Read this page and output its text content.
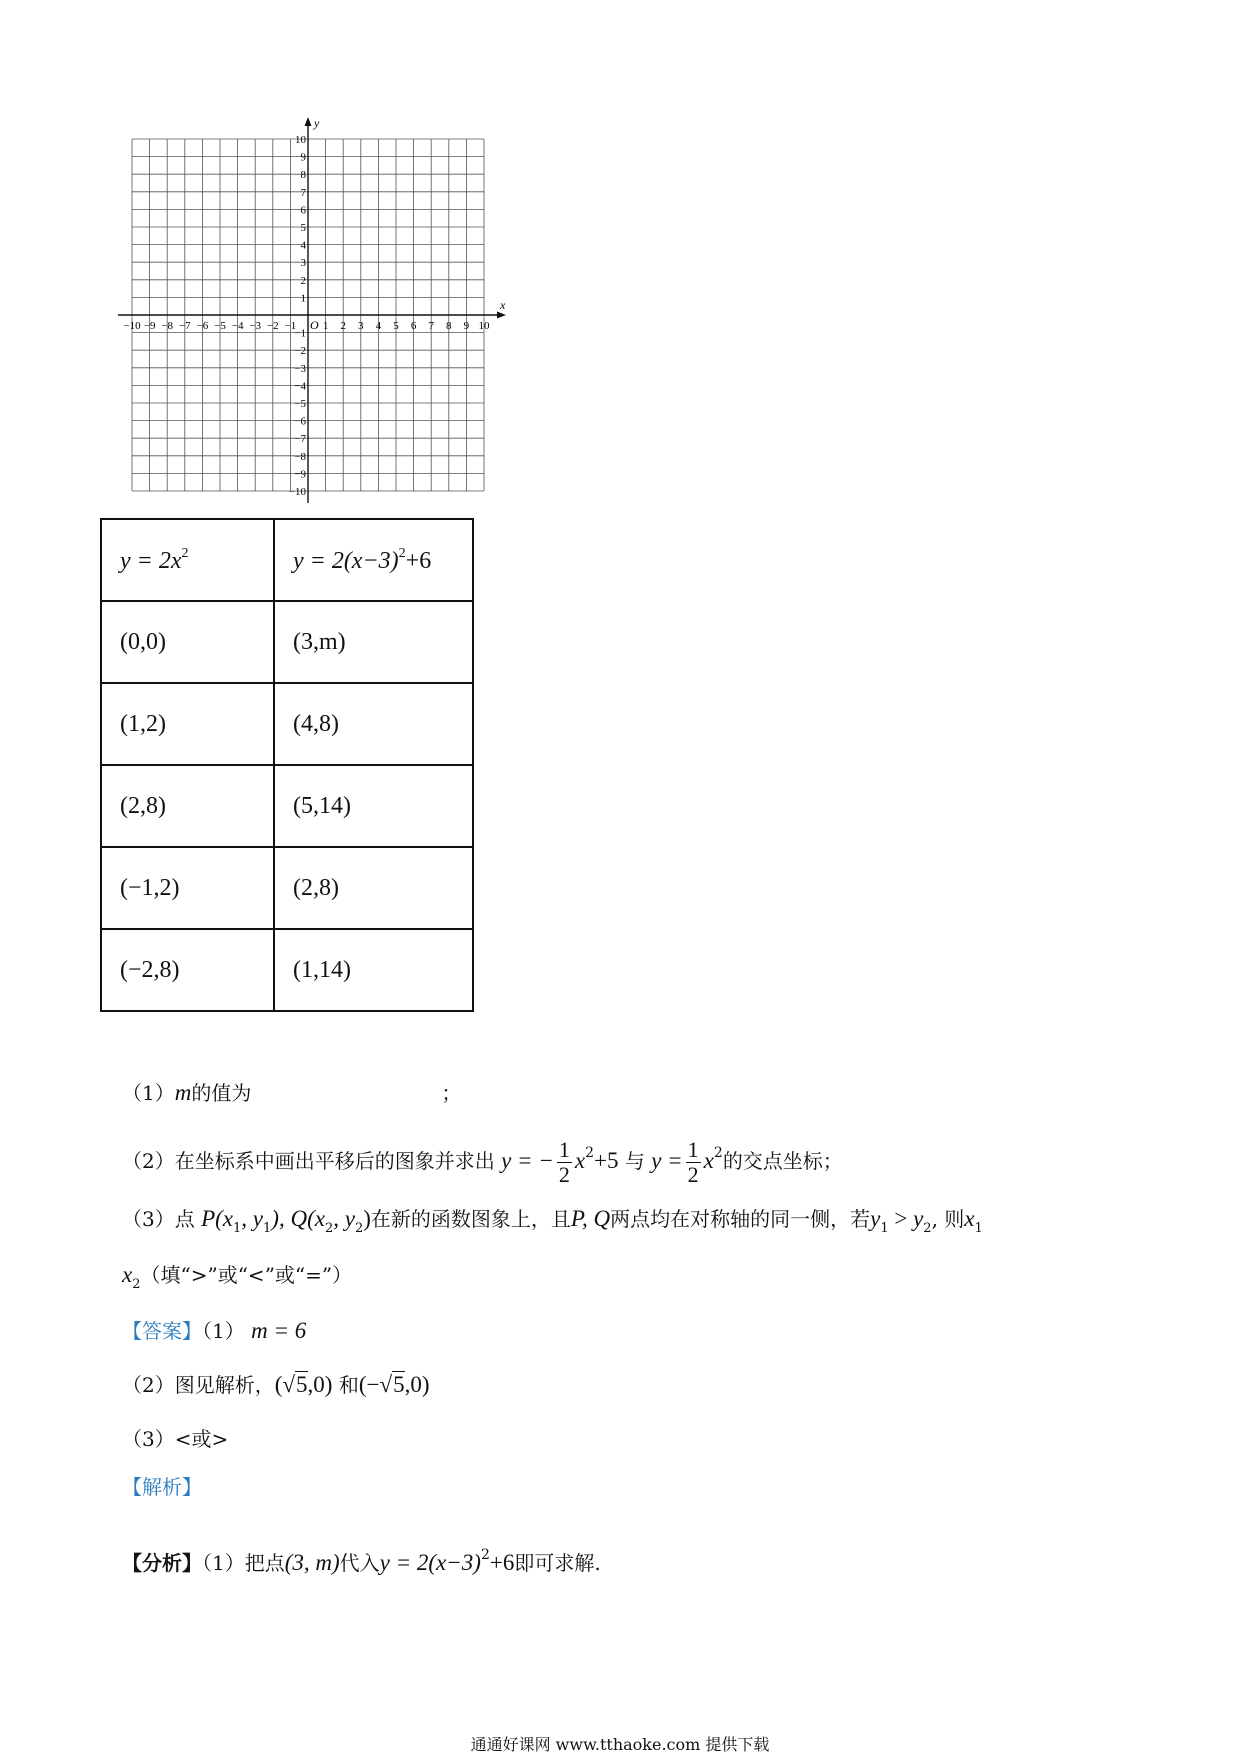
x
y
O
−10 −9 −8 −7 −6 −5 −4 −3 −2 −1 1 2 3 4 5 6 7 8 9 10
10
9
8
7
6
5
4
3
2
1
−1
−2
−3
−4
−5
−6
−7
−8
−9
−10
$y = 2x^2$	$y = 2(x-3)^2+6$
(0,0)	(3,m)
(1,2)	(4,8)
(2,8)	(5,14)
(−1,2)	(2,8)
(−2,8)	(1,14)
（1）m的值为	；
（2）在坐标系中画出平移后的图象并求出 y = − $\frac{1}{2} x^2+5$ 与 $y = \frac{1}{2} x^2$的交点坐标；
（3）点 $P(x_1$, $y_1$), $Q(x_2$, $y_2$)在新的函数图象上，且P, Q两点均在对称轴的同一侧，若$y_1 > y_2$, 则$x_1$
$x_2$（填“>”或“<”或“=”）
【答案】（1） m = 6
（2）图见解析，(√5,0) 和(−√5,0)
（3）<或>
【解析】
【分析】（1）把点(3, m)代入$y = 2(x-3)^2+6$即可求解.
通通好课网 www.tthaoke.com 提供下载
